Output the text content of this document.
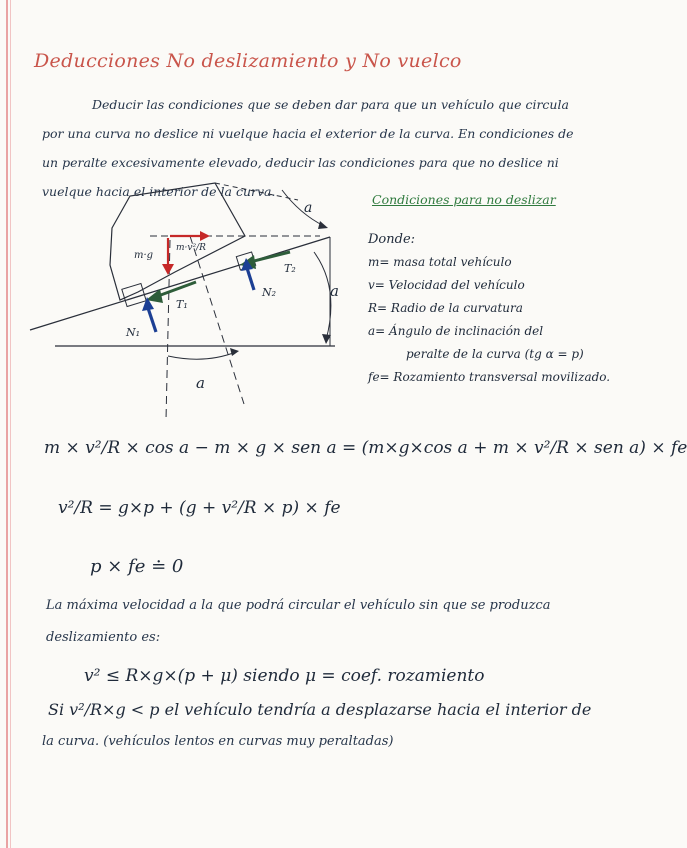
Deducciones No deslizamiento y No vuelco
Deducir las condiciones que se deben dar para que un vehículo que circula por una curva no deslice ni vuelque hacia el exterior de la curva. En condiciones de un peralte excesivamente elevado, deducir las condiciones para que no deslice ni vuelque hacia el interior de la curva.
a
a
a
m·g
m·v²/R
T₂
N₂
T₁
N₁
Condiciones para no deslizar
Donde:
m= masa total vehículo
v= Velocidad del vehículo
R= Radio de la curvatura
a= Ángulo de inclinación del
peralte de la curva (tg α = p)
fe= Rozamiento transversal movilizado.
m × v²/R × cos a − m × g × sen a = (m×g×cos a + m × v²/R × sen a) × fe
v²/R = g×p + (g + v²/R × p) × fe
p × fe ≐ 0
La máxima velocidad a la que podrá circular el vehículo sin que se produzca
deslizamiento es:
v² ≤ R×g×(p + μ) siendo μ = coef. rozamiento
Si v²/R×g < p el vehículo tendría a desplazarse hacia el interior de
la curva. (vehículos lentos en curvas muy peraltadas)
